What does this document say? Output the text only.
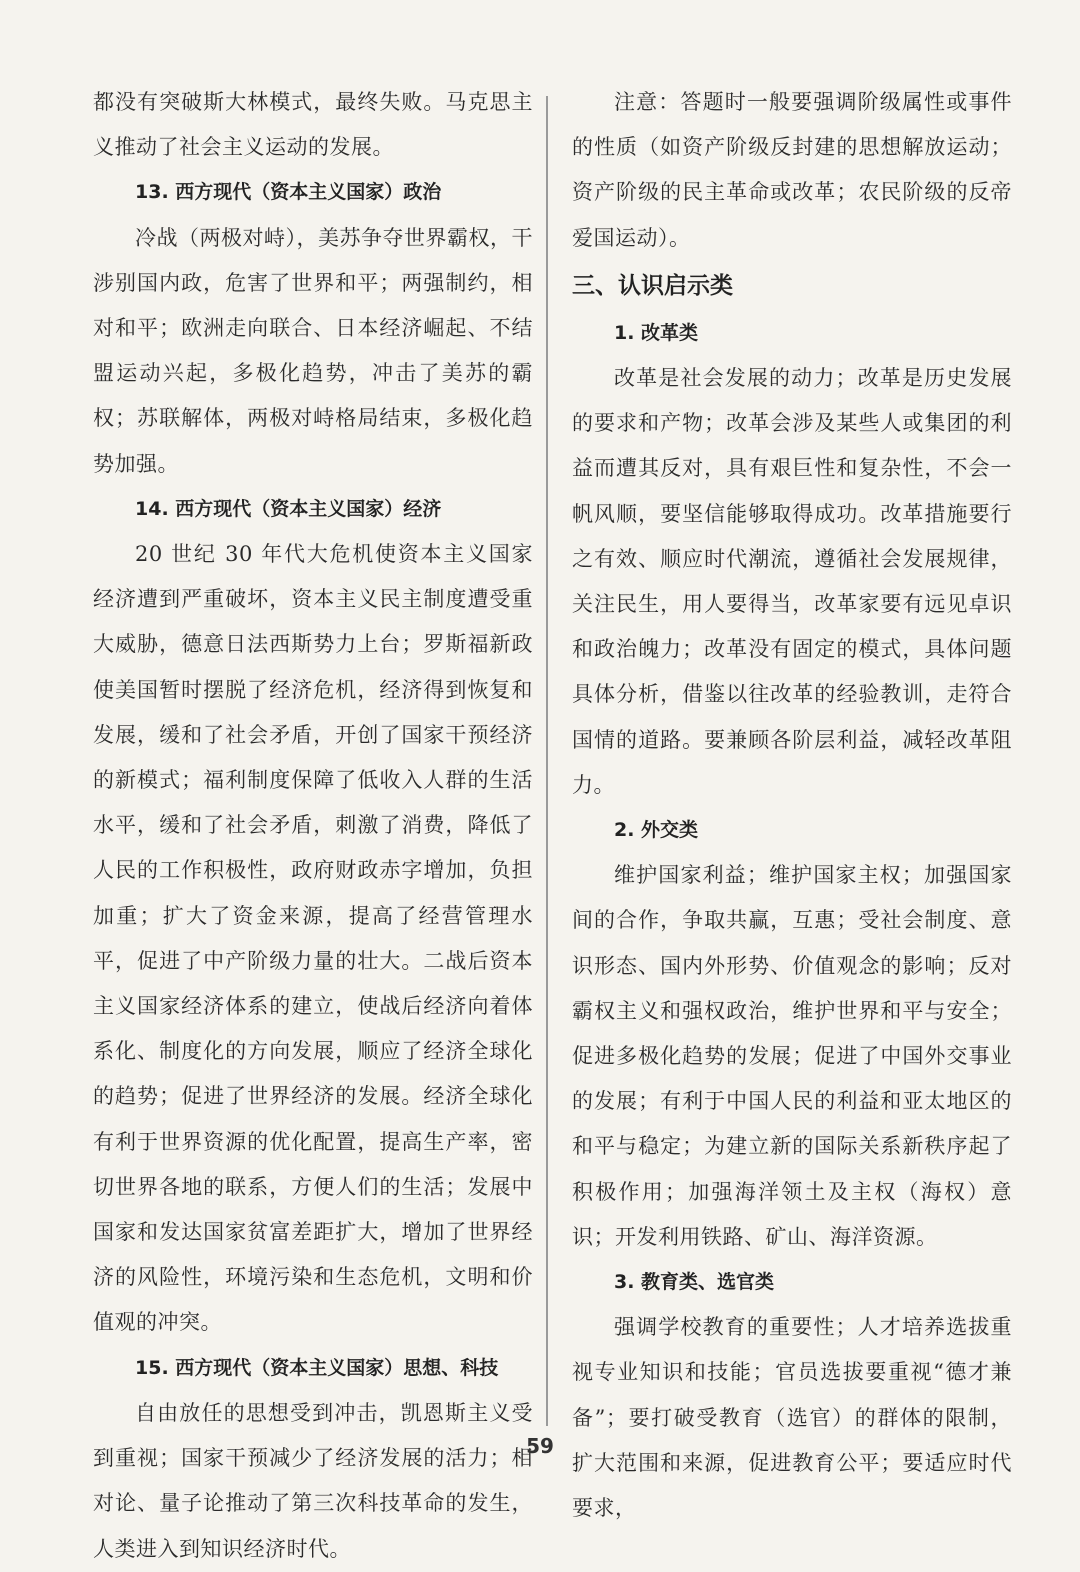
都没有突破斯大林模式，最终失败。马克思主义推动了社会主义运动的发展。

13. 西方现代（资本主义国家）政治

冷战（两极对峙），美苏争夺世界霸权，干涉别国内政，危害了世界和平；两强制约，相对和平；欧洲走向联合、日本经济崛起、不结盟运动兴起，多极化趋势，冲击了美苏的霸权；苏联解体，两极对峙格局结束，多极化趋势加强。

14. 西方现代（资本主义国家）经济

20 世纪 30 年代大危机使资本主义国家经济遭到严重破坏，资本主义民主制度遭受重大威胁，德意日法西斯势力上台；罗斯福新政使美国暂时摆脱了经济危机，经济得到恢复和发展，缓和了社会矛盾，开创了国家干预经济的新模式；福利制度保障了低收入人群的生活水平，缓和了社会矛盾，刺激了消费，降低了人民的工作积极性，政府财政赤字增加，负担加重；扩大了资金来源，提高了经营管理水平，促进了中产阶级力量的壮大。二战后资本主义国家经济体系的建立，使战后经济向着体系化、制度化的方向发展，顺应了经济全球化的趋势；促进了世界经济的发展。经济全球化有利于世界资源的优化配置，提高生产率，密切世界各地的联系，方便人们的生活；发展中国家和发达国家贫富差距扩大，增加了世界经济的风险性，环境污染和生态危机，文明和价值观的冲突。

15. 西方现代（资本主义国家）思想、科技

自由放任的思想受到冲击，凯恩斯主义受到重视；国家干预减少了经济发展的活力；相对论、量子论推动了第三次科技革命的发生，人类进入到知识经济时代。

注意：答题时一般要强调阶级属性或事件的性质（如资产阶级反封建的思想解放运动；资产阶级的民主革命或改革；农民阶级的反帝爱国运动）。

三、认识启示类
1. 改革类

改革是社会发展的动力；改革是历史发展的要求和产物；改革会涉及某些人或集团的利益而遭其反对，具有艰巨性和复杂性，不会一帆风顺，要坚信能够取得成功。改革措施要行之有效、顺应时代潮流，遵循社会发展规律，关注民生，用人要得当，改革家要有远见卓识和政治魄力；改革没有固定的模式，具体问题具体分析，借鉴以往改革的经验教训，走符合国情的道路。要兼顾各阶层利益，减轻改革阻力。

2. 外交类

维护国家利益；维护国家主权；加强国家间的合作，争取共赢，互惠；受社会制度、意识形态、国内外形势、价值观念的影响；反对霸权主义和强权政治，维护世界和平与安全；促进多极化趋势的发展；促进了中国外交事业的发展；有利于中国人民的利益和亚太地区的和平与稳定；为建立新的国际关系新秩序起了积极作用；加强海洋领土及主权（海权）意识；开发利用铁路、矿山、海洋资源。

3. 教育类、选官类

强调学校教育的重要性；人才培养选拔重视专业知识和技能；官员选拔要重视“德才兼备”；要打破受教育（选官）的群体的限制，扩大范围和来源，促进教育公平；要适应时代要求，

59
